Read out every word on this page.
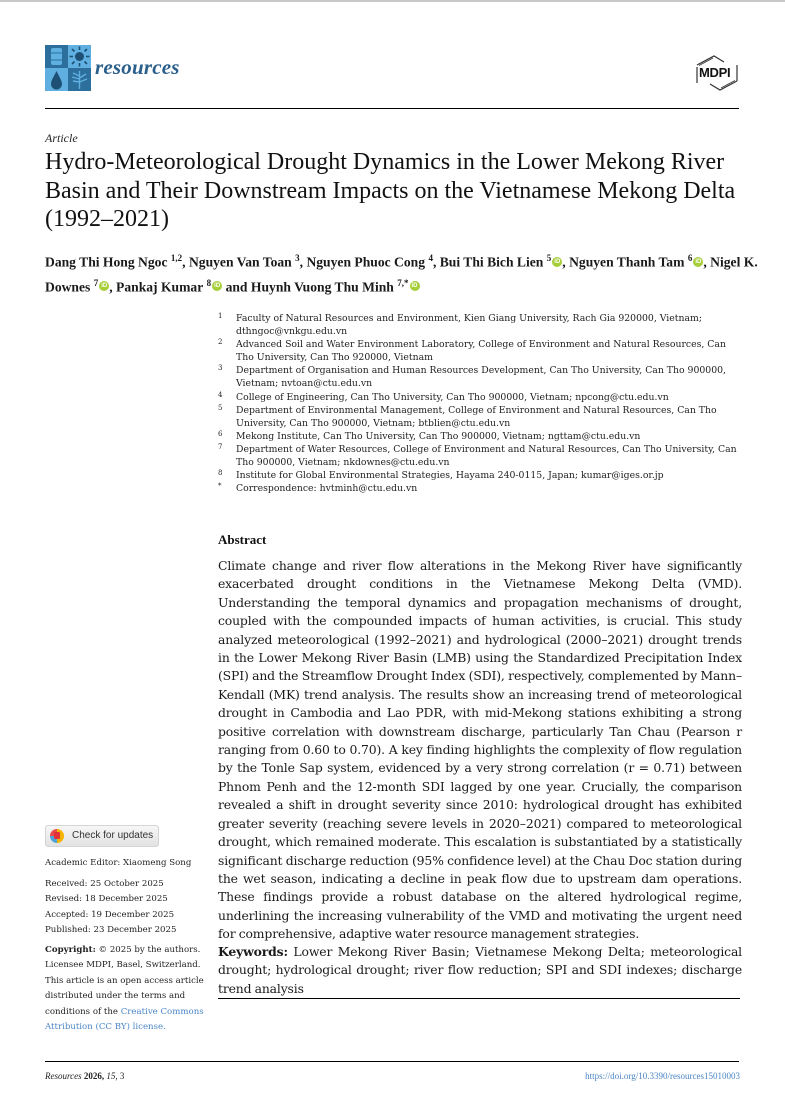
resources	MDPI
Article
Hydro-Meteorological Drought Dynamics in the Lower Mekong River Basin and Their Downstream Impacts on the Vietnamese Mekong Delta (1992–2021)
Dang Thi Hong Ngoc $^{1,2}$, Nguyen Van Toan $^3$, Nguyen Phuoc Cong $^4$, Bui Thi Bich Lien $^5$ iD , Nguyen Thanh Tam $^6$ iD , Nigel K. Downes $^7$ iD , Pankaj Kumar $^8$ iD and Huynh Vuong Thu Minh $^{7,*}$ iD
1 Faculty of Natural Resources and Environment, Kien Giang University, Rach Gia 920000, Vietnam; dthngoc@vnkgu.edu.vn
2 Advanced Soil and Water Environment Laboratory, College of Environment and Natural Resources, Can Tho University, Can Tho 920000, Vietnam
3 Department of Organisation and Human Resources Development, Can Tho University, Can Tho 900000, Vietnam; nvtoan@ctu.edu.vn
4 College of Engineering, Can Tho University, Can Tho 900000, Vietnam; npcong@ctu.edu.vn
5 Department of Environmental Management, College of Environment and Natural Resources, Can Tho University, Can Tho 900000, Vietnam; btblien@ctu.edu.vn
6 Mekong Institute, Can Tho University, Can Tho 900000, Vietnam; ngttam@ctu.edu.vn
7 Department of Water Resources, College of Environment and Natural Resources, Can Tho University, Can Tho 900000, Vietnam; nkdownes@ctu.edu.vn
8 Institute for Global Environmental Strategies, Hayama 240-0115, Japan; kumar@iges.or.jp
* Correspondence: hvtminh@ctu.edu.vn
Abstract
Climate change and river flow alterations in the Mekong River have significantly exacerbated drought conditions in the Vietnamese Mekong Delta (VMD). Understanding the temporal dynamics and propagation mechanisms of drought, coupled with the compounded impacts of human activities, is crucial. This study analyzed meteorological (1992–2021) and hydrological (2000–2021) drought trends in the Lower Mekong River Basin (LMB) using the Standardized Precipitation Index (SPI) and the Streamflow Drought Index (SDI), respectively, complemented by Mann–Kendall (MK) trend analysis. The results show an increasing trend of meteorological drought in Cambodia and Lao PDR, with mid-Mekong stations exhibiting a strong positive correlation with downstream discharge, particularly Tan Chau (Pearson r ranging from 0.60 to 0.70). A key finding highlights the complexity of flow regulation by the Tonle Sap system, evidenced by a very strong correlation (r = 0.71) between Phnom Penh and the 12-month SDI lagged by one year. Crucially, the comparison revealed a shift in drought severity since 2010: hydrological drought has exhibited greater severity (reaching severe levels in 2020–2021) compared to meteorological drought, which remained moderate. This escalation is substantiated by a statistically significant discharge reduction (95% confidence level) at the Chau Doc station during the wet season, indicating a decline in peak flow due to upstream dam operations. These findings provide a robust database on the altered hydrological regime, underlining the increasing vulnerability of the VMD and motivating the urgent need for comprehensive, adaptive water resource management strategies.
Keywords: Lower Mekong River Basin; Vietnamese Mekong Delta; meteorological drought; hydrological drought; river flow reduction; SPI and SDI indexes; discharge trend analysis
Check for updates
Academic Editor: Xiaomeng Song
Received: 25 October 2025
Revised: 18 December 2025
Accepted: 19 December 2025
Published: 23 December 2025
Copyright: © 2025 by the authors. Licensee MDPI, Basel, Switzerland. This article is an open access article distributed under the terms and conditions of the Creative Commons Attribution (CC BY) license.
Resources 2026, 15, 3	https://doi.org/10.3390/resources15010003
